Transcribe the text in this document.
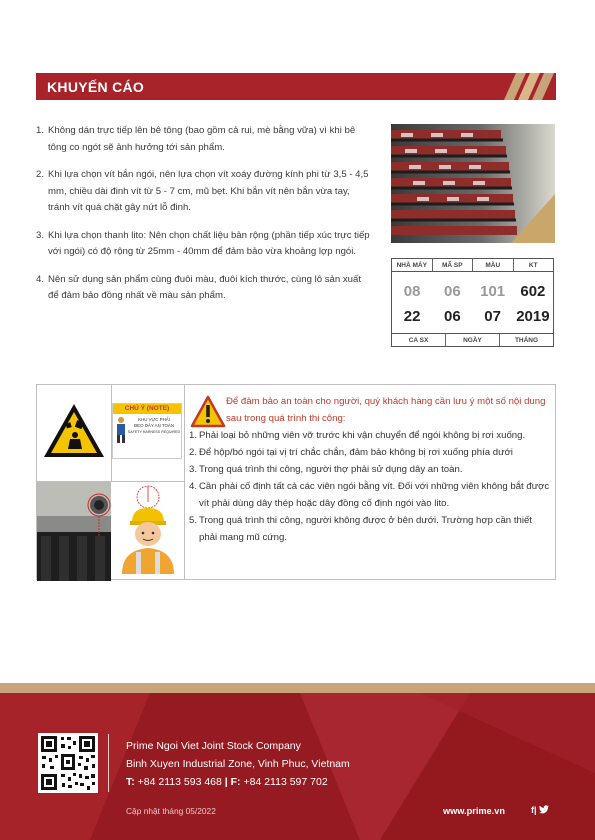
KHUYẾN CÁO
1. Không dán trực tiếp lên bê tông (bao gồm cả rui, mè bằng vữa) vì khi bê tông co ngót sẽ ảnh hưởng tới sản phẩm.
2. Khi lựa chọn vít bắn ngói, nên lựa chọn vít xoáy đường kính phi từ 3,5 - 4,5 mm, chiều dài đinh vít từ 5 - 7 cm, mũ bẹt. Khi bắn vít nên bắn vừa tay, tránh vít quá chặt gây nứt lỗ đinh.
3. Khi lựa chọn thanh lito: Nên chọn chất liệu bản rộng (phần tiếp xúc trực tiếp với ngói) có độ rộng từ 25mm - 40mm để đảm bảo vừa khoảng lợp ngói.
4. Nên sử dụng sản phẩm cùng đuôi màu, đuôi kích thước, cùng lô sản xuất để đảm bảo đồng nhất về màu sản phẩm.
NHÀ MÁY	MÃ SP	MÀU	KT
08	06	101	602
22	06	07	2019
CA SX	NGÀY	THÁNG
CHÚ Ý (NOTE)
KHU VỰC PHẢI
ĐEO DÂY AN TOÀN
SAFETY HARNESS REQUIRED
Để đảm bảo an toàn cho người, quý khách hàng cần lưu ý một số nội dung sau trong quá trình thi công:
1. Phải loại bỏ những viên vỡ trước khi vận chuyển để ngói không bị rơi xuống.
2. Để hộp/bó ngói tại vị trí chắc chắn, đảm bảo không bị rơi xuống phía dưới
3. Trong quá trình thi công, người thợ phải sử dụng dây an toàn.
4. Cần phải cố định tất cả các viên ngói bằng vít. Đối với những viên không bắt được vít phải dùng dây thép hoặc dây đồng cố định ngói vào lito.
5. Trong quá trình thi công, người không được ở bên dưới. Trường hợp cần thiết phải mang mũ cứng.
Prime Ngoi Viet Joint Stock Company
Binh Xuyen Industrial Zone, Vinh Phuc, Vietnam
T: +84 2113 593 468 | F: +84 2113 597 702
Cập nhật tháng 05/2022	www.prime.vn	f|
